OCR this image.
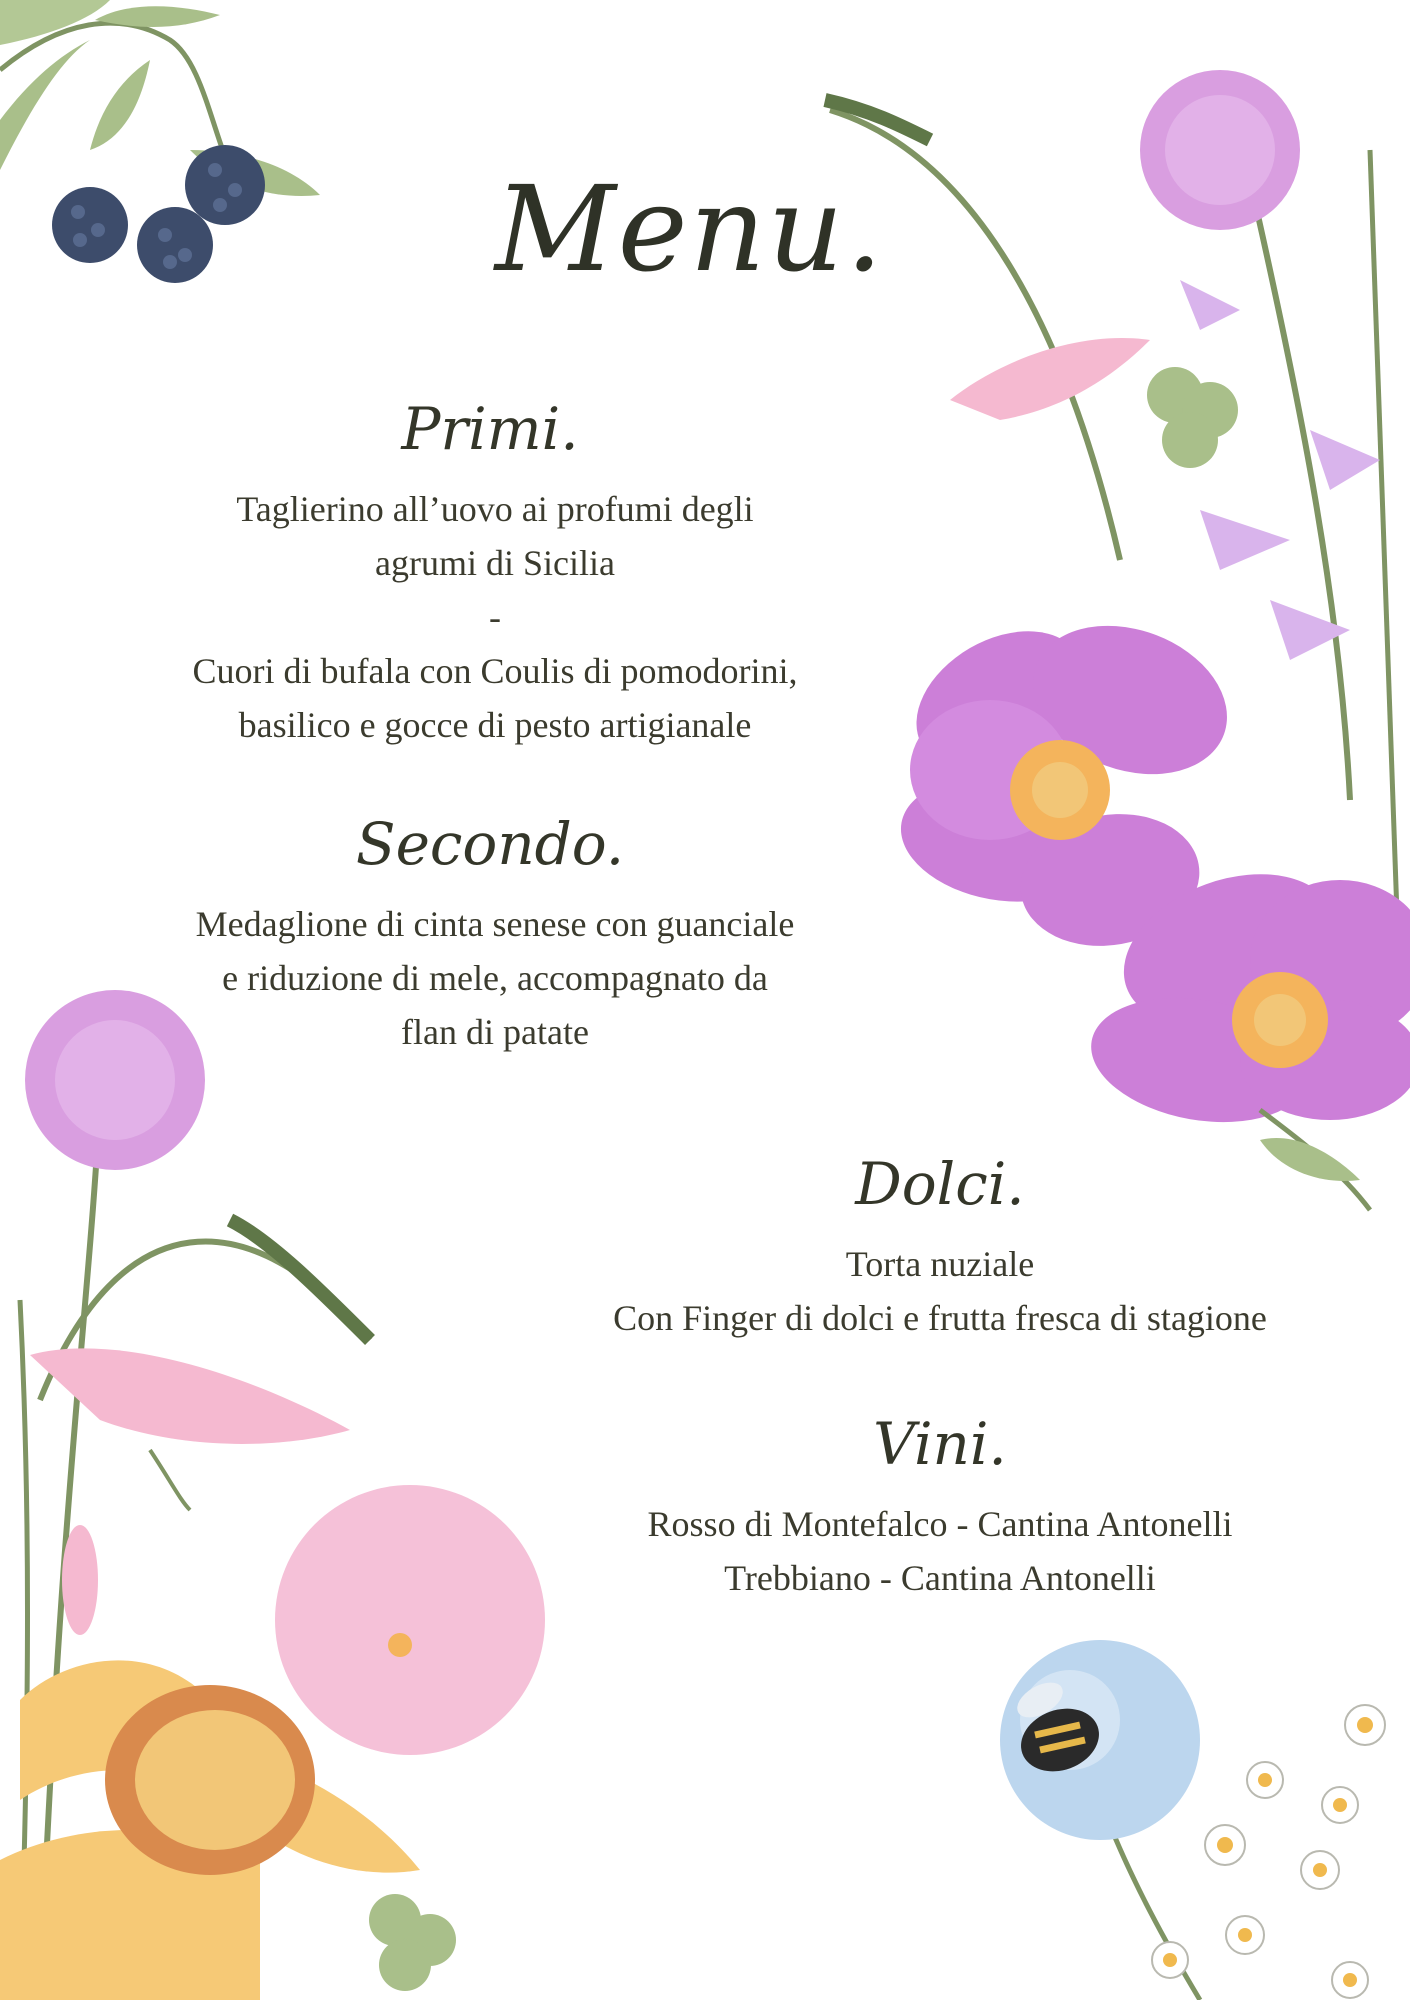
Menu.
Primi.
Taglierino all’uovo ai profumi degli
agrumi di Sicilia
-
Cuori di bufala con Coulis di pomodorini,
basilico e gocce di pesto artigianale
Secondo.
Medaglione di cinta senese con guanciale
e riduzione di mele, accompagnato da
flan di patate
Dolci.
Torta nuziale
Con Finger di dolci e frutta fresca di stagione
Vini.
Rosso di Montefalco - Cantina Antonelli
Trebbiano - Cantina Antonelli
